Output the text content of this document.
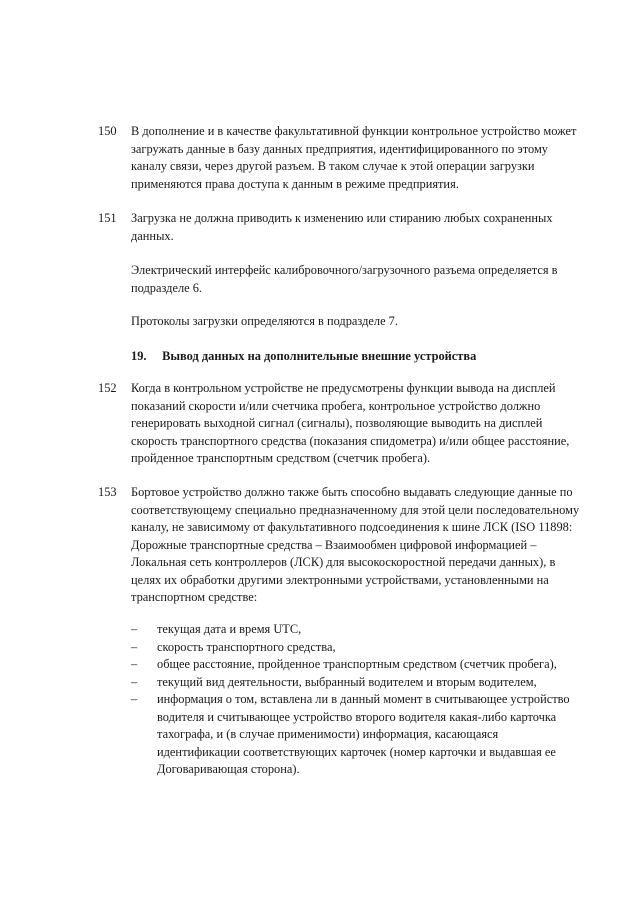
150	В дополнение и в качестве факультативной функции контрольное устройство может
загружать данные в базу данных предприятия, идентифицированного по этому
каналу связи, через другой разъем. В таком случае к этой операции загрузки
применяются права доступа к данным в режиме предприятия.
151	Загрузка не должна приводить к изменению или стиранию любых сохраненных
данных.
Электрический интерфейс калибровочного/загрузочного разъема определяется в
подразделе 6.
Протоколы загрузки определяются в подразделе 7.
19. Вывод данных на дополнительные внешние устройства
152	Когда в контрольном устройстве не предусмотрены функции вывода на дисплей
показаний скорости и/или счетчика пробега, контрольное устройство должно
генерировать выходной сигнал (сигналы), позволяющие выводить на дисплей
скорость транспортного средства (показания спидометра) и/или общее расстояние,
пройденное транспортным средством (счетчик пробега).
153	Бортовое устройство должно также быть способно выдавать следующие данные по
соответствующему специально предназначенному для этой цели последовательному
каналу, не зависимому от факультативного подсоединения к шине ЛСК (ISO 11898:
Дорожные транспортные средства – Взаимообмен цифровой информацией –
Локальная сеть контроллеров (ЛСК) для высокоскоростной передачи данных), в
целях их обработки другими электронными устройствами, установленными на
транспортном средстве:
– текущая дата и время UTC,
– скорость транспортного средства,
– общее расстояние, пройденное транспортным средством (счетчик пробега),
– текущий вид деятельности, выбранный водителем и вторым водителем,
– информация о том, вставлена ли в данный момент в считывающее устройство
водителя и считывающее устройство второго водителя какая-либо карточка
тахографа, и (в случае применимости) информация, касающаяся
идентификации соответствующих карточек (номер карточки и выдавшая ее
Договаривающая сторона).
